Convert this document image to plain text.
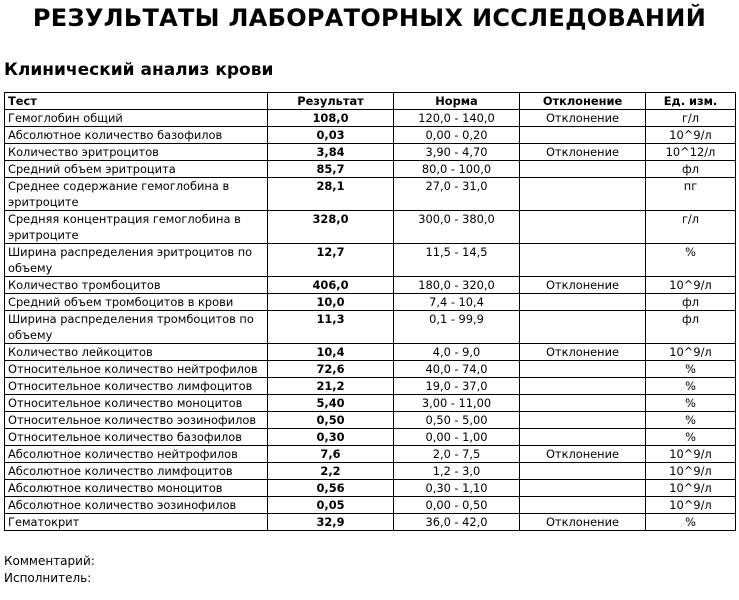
РЕЗУЛЬТАТЫ ЛАБОРАТОРНЫХ ИССЛЕДОВАНИЙ
Клинический анализ крови
Тест	Результат	Норма	Отклонение	Ед. изм.
Гемоглобин общий	108,0	120,0 - 140,0	Отклонение	г/л
Абсолютное количество базофилов	0,03	0,00 - 0,20		10^9/л
Количество эритроцитов	3,84	3,90 - 4,70	Отклонение	10^12/л
Средний объем эритроцита	85,7	80,0 - 100,0		фл
Среднее содержание гемоглобина в эритроците	28,1	27,0 - 31,0		пг
Средняя концентрация гемоглобина в эритроците	328,0	300,0 - 380,0		г/л
Ширина распределения эритроцитов по объему	12,7	11,5 - 14,5		%
Количество тромбоцитов	406,0	180,0 - 320,0	Отклонение	10^9/л
Средний объем тромбоцитов в крови	10,0	7,4 - 10,4		фл
Ширина распределения тромбоцитов по объему	11,3	0,1 - 99,9		фл
Количество лейкоцитов	10,4	4,0 - 9,0	Отклонение	10^9/л
Относительное количество нейтрофилов	72,6	40,0 - 74,0		%
Относительное количество лимфоцитов	21,2	19,0 - 37,0		%
Относительное количество моноцитов	5,40	3,00 - 11,00		%
Относительное количество эозинофилов	0,50	0,50 - 5,00		%
Относительное количество базофилов	0,30	0,00 - 1,00		%
Абсолютное количество нейтрофилов	7,6	2,0 - 7,5	Отклонение	10^9/л
Абсолютное количество лимфоцитов	2,2	1,2 - 3,0		10^9/л
Абсолютное количество моноцитов	0,56	0,30 - 1,10		10^9/л
Абсолютное количество эозинофилов	0,05	0,00 - 0,50		10^9/л
Гематокрит	32,9	36,0 - 42,0	Отклонение	%
Комментарий:
Исполнитель:
